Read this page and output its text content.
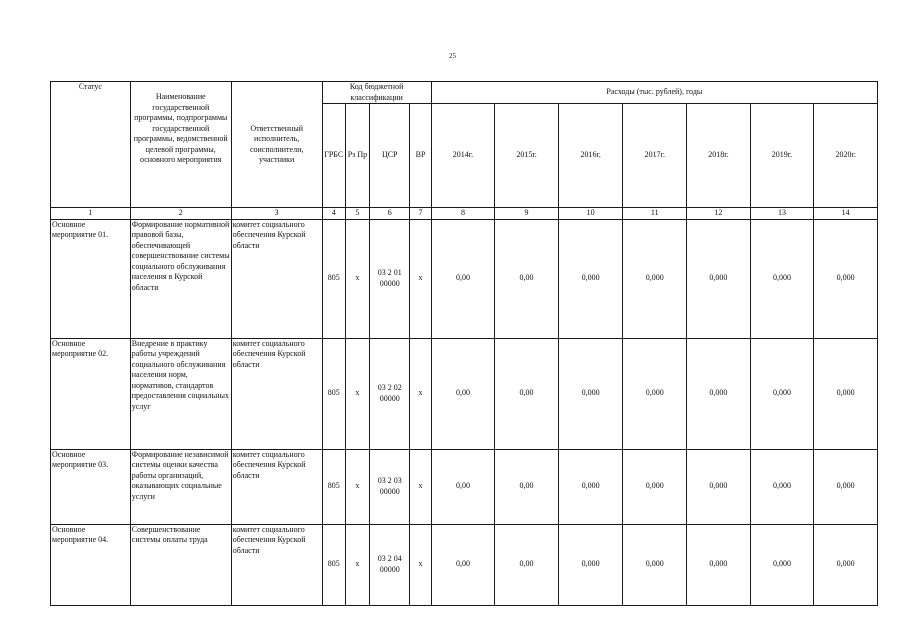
25
Статус	Наименование государственной программы, подпрограммы государственной программы, ведомственной целевой программы, основного мероприятия	Ответственный исполнитель, соисполнители, участники	Код бюджетной классификации				Расходы (тыс. рублей), годы						
			ГРБС	Рз Пр	ЦСР	ВР	2014г.	2015г.	2016г.	2017г.	2018г.	2019г.	2020г.
1	2	3	4	5	6	7	8	9	10	11	12	13	14
Основное мероприятие 01.	Формирование нормативной правовой базы, обеспечивающей совершенствование системы социального обслуживания населения в Курской области	комитет социального обеспечения Курской области	805	х	03 2 01 00000	х	0,00	0,00	0,000	0,000	0,000	0,000	0,000
Основное мероприятие 02.	Внедрение в практику работы учреждений социального обслуживания населения норм, нормативов, стандартов предоставления социальных услуг	комитет социального обеспечения Курской области	805	х	03 2 02 00000	х	0,00	0,00	0,000	0,000	0,000	0,000	0,000
Основное мероприятие 03.	Формирование независимой системы оценки качества работы организаций, оказывающих социальные услуги	комитет социального обеспечения Курской области	805	х	03 2 03 00000	х	0,00	0,00	0,000	0,000	0,000	0,000	0,000
Основное мероприятие 04.	Совершенствование системы оплаты труда	комитет социального обеспечения Курской области	805	х	03 2 04 00000	х	0,00	0,00	0,000	0,000	0,000	0,000	0,000
